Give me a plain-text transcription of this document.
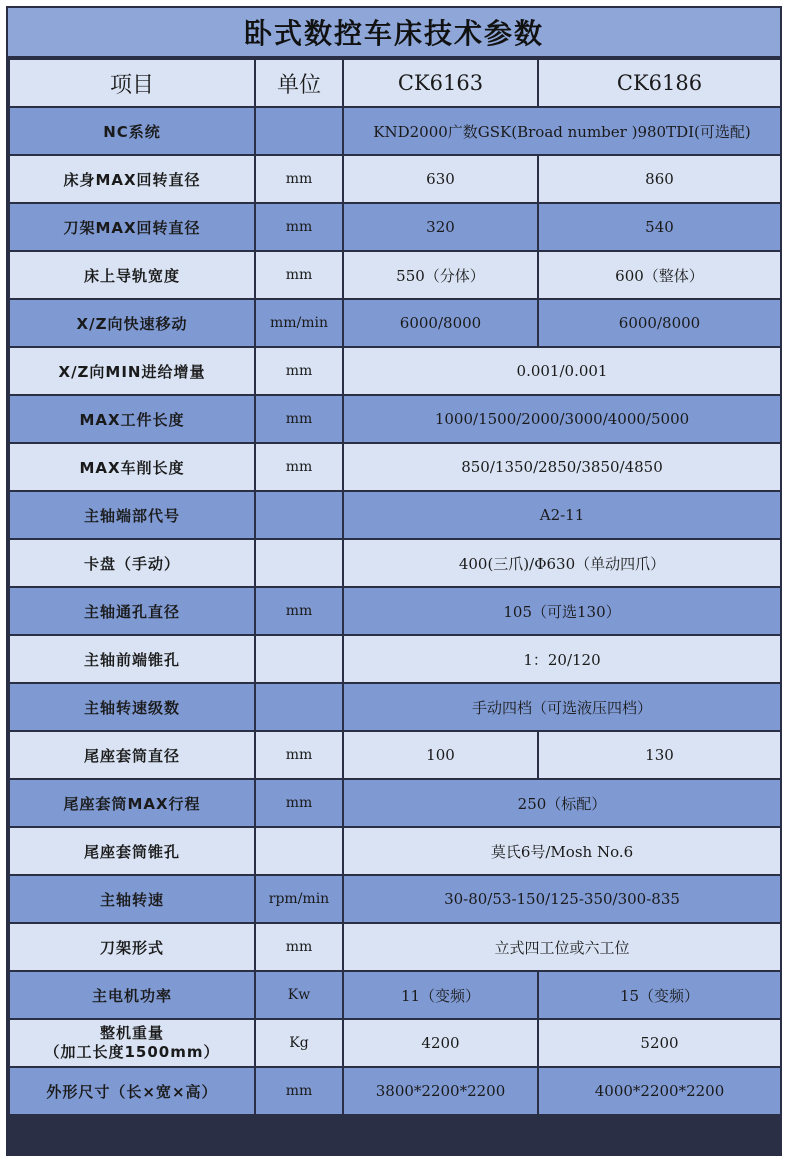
卧式数控车床技术参数
项目	单位	CK6163	CK6186
NC系统		KND2000广数GSK(Broad number )980TDI(可选配)	
床身MAX回转直径	mm	630	860
刀架MAX回转直径	mm	320	540
床上导轨宽度	mm	550（分体）	600（整体）
X/Z向快速移动	mm/min	6000/8000	6000/8000
X/Z向MIN进给增量	mm	0.001/0.001	
MAX工件长度	mm	1000/1500/2000/3000/4000/5000	
MAX车削长度	mm	850/1350/2850/3850/4850	
主轴端部代号		A2-11	
卡盘（手动）		400(三爪)/Φ630（单动四爪）	
主轴通孔直径	mm	105（可选130）	
主轴前端锥孔		1：20/120	
主轴转速级数		手动四档（可选液压四档）	
尾座套筒直径	mm	100	130
尾座套筒MAX行程	mm	250（标配）	
尾座套筒锥孔		莫氏6号/Mosh No.6	
主轴转速	rpm/min	30-80/53-150/125-350/300-835	
刀架形式	mm	立式四工位或六工位	
主电机功率	Kw	11（变频）	15（变频）

整机重量
（加工长度1500mm）	Kg	4200	5200
外形尺寸（长×宽×高）	mm	3800*2200*2200	4000*2200*2200
